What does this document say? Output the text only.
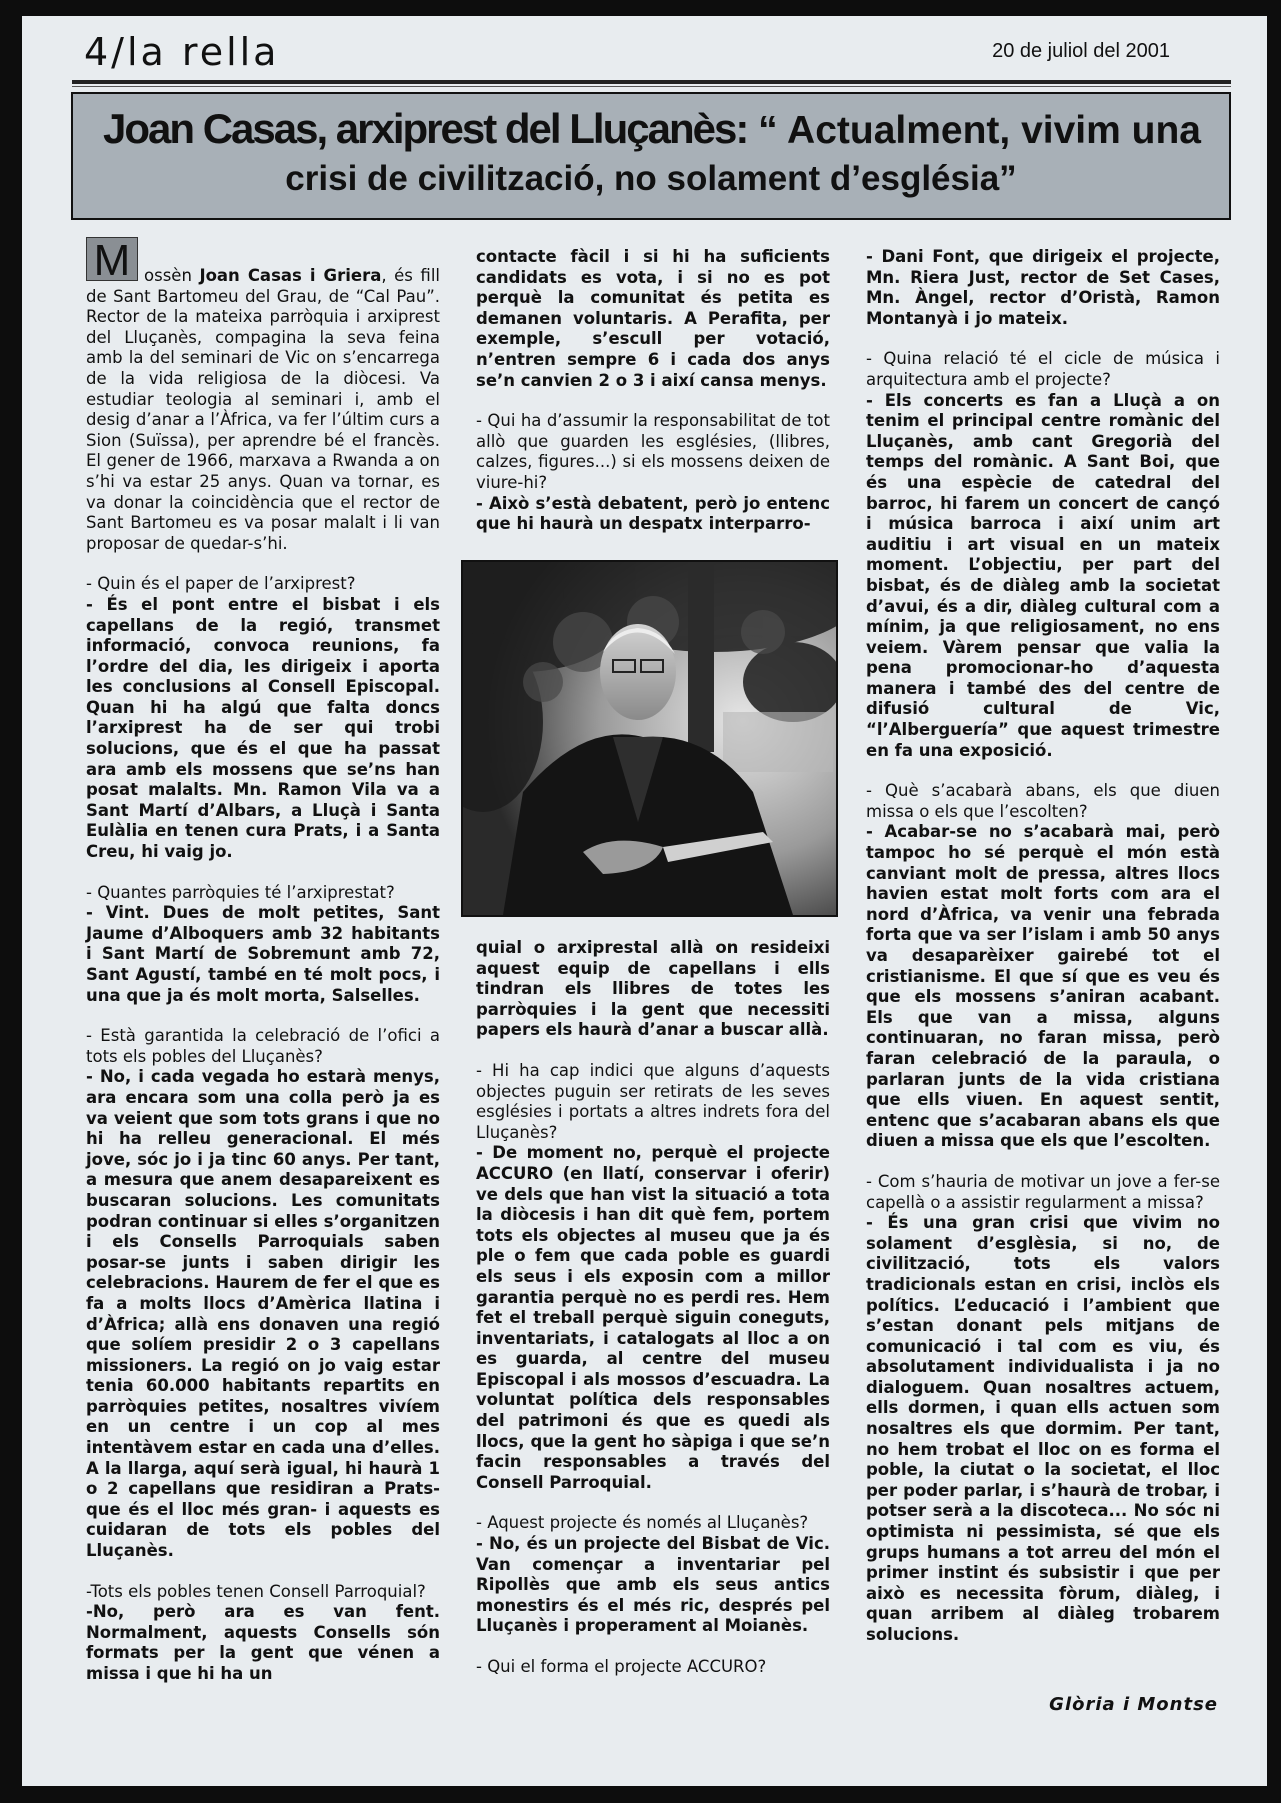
4/la rella	20 de juliol del 2001
Joan Casas, arxiprest del Lluçanès: “ Actualment, vivim una
crisi de civilització, no solament d’església”

M ossèn Joan Casas i Griera, és fill de Sant Bartomeu del Grau, de “Cal Pau”. Rector de la mateixa parròquia i arxiprest del Lluçanès, compagina la seva feina amb la del seminari de Vic on s’encarrega de la vida religiosa de la diòcesi. Va estudiar teologia al seminari i, amb el desig d’anar a l’Àfrica, va fer l’últim curs a Sion (Suïssa), per aprendre bé el francès. El gener de 1966, marxava a Rwanda a on s’hi va estar 25 anys. Quan va tornar, es va donar la coincidència que el rector de Sant Bartomeu es va posar malalt i li van proposar de quedar-s’hi.

- Quin és el paper de l’arxiprest?
- És el pont entre el bisbat i els capellans de la regió, transmet informació, convoca reunions, fa l’ordre del dia, les dirigeix i aporta les conclusions al Consell Episcopal. Quan hi ha algú que falta doncs l’arxiprest ha de ser qui trobi solucions, que és el que ha passat ara amb els mossens que se’ns han posat malalts. Mn. Ramon Vila va a Sant Martí d’Albars, a Lluçà i Santa Eulàlia en tenen cura Prats, i a Santa Creu, hi vaig jo.

- Quantes parròquies té l’arxiprestat?
- Vint. Dues de molt petites, Sant Jaume d’Alboquers amb 32 habitants i Sant Martí de Sobremunt amb 72, Sant Agustí, també en té molt pocs, i una que ja és molt morta, Salselles.

- Està garantida la celebració de l’ofici a tots els pobles del Lluçanès?
- No, i cada vegada ho estarà menys, ara encara som una colla però ja es va veient que som tots grans i que no hi ha relleu generacional. El més jove, sóc jo i ja tinc 60 anys. Per tant, a mesura que anem desapareixent es buscaran solucions. Les comunitats podran continuar si elles s’organitzen i els Consells Parroquials saben posar-se junts i saben dirigir les celebracions. Haurem de fer el que es fa a molts llocs d’Amèrica llatina i d’Àfrica; allà ens donaven una regió que solíem presidir 2 o 3 capellans missioners. La regió on jo vaig estar tenia 60.000 habitants repartits en parròquies petites, nosaltres vivíem en un centre i un cop al mes intentàvem estar en cada una d’elles. A la llarga, aquí serà igual, hi haurà 1 o 2 capellans que residiran a Prats- que és el lloc més gran- i aquests es cuidaran de tots els pobles del Lluçanès.

-Tots els pobles tenen Consell Parroquial?
-No, però ara es van fent. Normalment, aquests Consells són formats per la gent que vénen a missa i que hi ha un

contacte fàcil i si hi ha suficients candidats es vota, i si no es pot perquè la comunitat és petita es demanen voluntaris. A Perafita, per exemple, s’escull per votació, n’entren sempre 6 i cada dos anys se’n canvien 2 o 3 i així cansa menys.

- Qui ha d’assumir la responsabilitat de tot allò que guarden les esglésies, (llibres, calzes, figures...) si els mossens deixen de viure-hi?
- Això s’està debatent, però jo entenc que hi haurà un despatx interparro-

quial o arxiprestal allà on resideixi aquest equip de capellans i ells tindran els llibres de totes les parròquies i la gent que necessiti papers els haurà d’anar a buscar allà.

- Hi ha cap indici que alguns d’aquests objectes puguin ser retirats de les seves esglésies i portats a altres indrets fora del Lluçanès?
- De moment no, perquè el projecte ACCURO (en llatí, conservar i oferir) ve dels que han vist la situació a tota la diòcesis i han dit què fem, portem tots els objectes al museu que ja és ple o fem que cada poble es guardi els seus i els exposin com a millor garantia perquè no es perdi res. Hem fet el treball perquè siguin coneguts, inventariats, i catalogats al lloc a on es guarda, al centre del museu Episcopal i als mossos d’escuadra. La voluntat política dels responsables del patrimoni és que es quedi als llocs, que la gent ho sàpiga i que se’n facin responsables a través del Consell Parroquial.

- Aquest projecte és només al Lluçanès?
- No, és un projecte del Bisbat de Vic. Van començar a inventariar pel Ripollès que amb els seus antics monestirs és el més ric, després pel Lluçanès i properament al Moianès.

- Qui el forma el projecte ACCURO?

- Dani Font, que dirigeix el projecte, Mn. Riera Just, rector de Set Cases, Mn. Àngel, rector d’Oristà, Ramon Montanyà i jo mateix.

- Quina relació té el cicle de música i arquitectura amb el projecte?
- Els concerts es fan a Lluçà a on tenim el principal centre romànic del Lluçanès, amb cant Gregorià del temps del romànic. A Sant Boi, que és una espècie de catedral del barroc, hi farem un concert de cançó i música barroca i així unim art auditiu i art visual en un mateix moment. L’objectiu, per part del bisbat, és de diàleg amb la societat d’avui, és a dir, diàleg cultural com a mínim, ja que religiosament, no ens veiem. Vàrem pensar que valia la pena promocionar-ho d’aquesta manera i també des del centre de difusió cultural de Vic, “l’Alberguería” que aquest trimestre en fa una exposició.

- Què s’acabarà abans, els que diuen missa o els que l’escolten?
- Acabar-se no s’acabarà mai, però tampoc ho sé perquè el món està canviant molt de pressa, altres llocs havien estat molt forts com ara el nord d’Àfrica, va venir una febrada forta que va ser l’islam i amb 50 anys va desaparèixer gairebé tot el cristianisme. El que sí que es veu és que els mossens s’aniran acabant. Els que van a missa, alguns continuaran, no faran missa, però faran celebració de la paraula, o parlaran junts de la vida cristiana que ells viuen. En aquest sentit, entenc que s’acabaran abans els que diuen a missa que els que l’escolten.

- Com s’hauria de motivar un jove a fer-se capellà o a assistir regularment a missa?
- És una gran crisi que vivim no solament d’esglèsia, si no, de civilització, tots els valors tradicionals estan en crisi, inclòs els polítics. L’educació i l’ambient que s’estan donant pels mitjans de comunicació i tal com es viu, és absolutament individualista i ja no dialoguem. Quan nosaltres actuem, ells dormen, i quan ells actuen som nosaltres els que dormim. Per tant, no hem trobat el lloc on es forma el poble, la ciutat o la societat, el lloc per poder parlar, i s’haurà de trobar, i potser serà a la discoteca... No sóc ni optimista ni pessimista, sé que els grups humans a tot arreu del món el primer instint és subsistir i que per això es necessita fòrum, diàleg, i quan arribem al diàleg trobarem solucions.

Glòria i Montse
